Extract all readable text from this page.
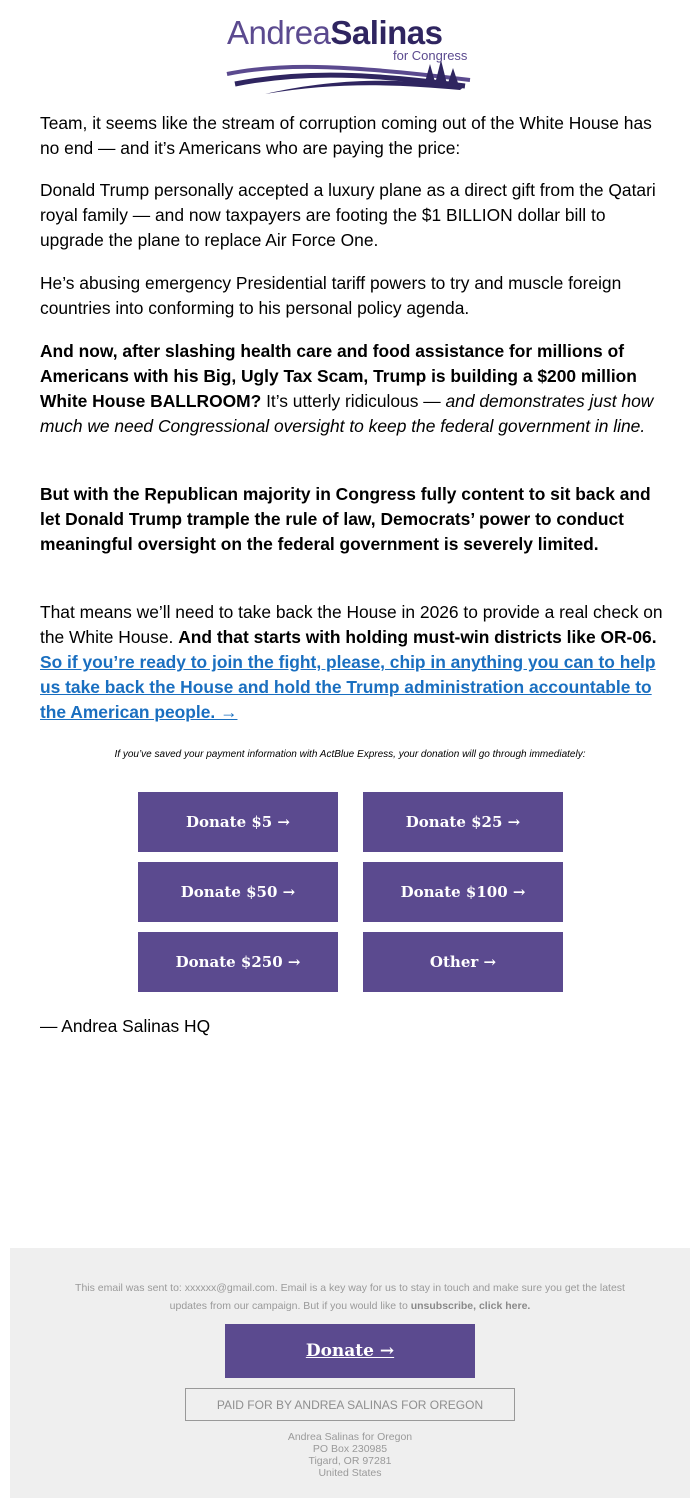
AndreaSalinas
for Congress

Team, it seems like the stream of corruption coming out of the White House has no end — and it’s Americans who are paying the price:

Donald Trump personally accepted a luxury plane as a direct gift from the Qatari royal family — and now taxpayers are footing the $1 BILLION dollar bill to upgrade the plane to replace Air Force One.

He’s abusing emergency Presidential tariff powers to try and muscle foreign countries into conforming to his personal policy agenda.

And now, after slashing health care and food assistance for millions of Americans with his Big, Ugly Tax Scam, Trump is building a $200 million White House BALLROOM? It’s utterly ridiculous — and demonstrates just how much we need Congressional oversight to keep the federal government in line.

But with the Republican majority in Congress fully content to sit back and let Donald Trump trample the rule of law, Democrats’ power to conduct meaningful oversight on the federal government is severely limited.

That means we’ll need to take back the House in 2026 to provide a real check on the White House. And that starts with holding must-win districts like OR-06. So if you’re ready to join the fight, please, chip in anything you can to help us take back the House and hold the Trump administration accountable to the American people. →

If you’ve saved your payment information with ActBlue Express, your donation will go through immediately:
Donate $5 →	Donate $25 →
Donate $50 →	Donate $100 →
Donate $250 →	Other →
— Andrea Salinas HQ
This email was sent to: xxxxxx@gmail.com. Email is a key way for us to stay in touch and make sure you get the latest updates from our campaign. But if you would like to unsubscribe, click here.
Donate →
PAID FOR BY ANDREA SALINAS FOR OREGON
Andrea Salinas for Oregon
PO Box 230985
Tigard, OR 97281
United States
